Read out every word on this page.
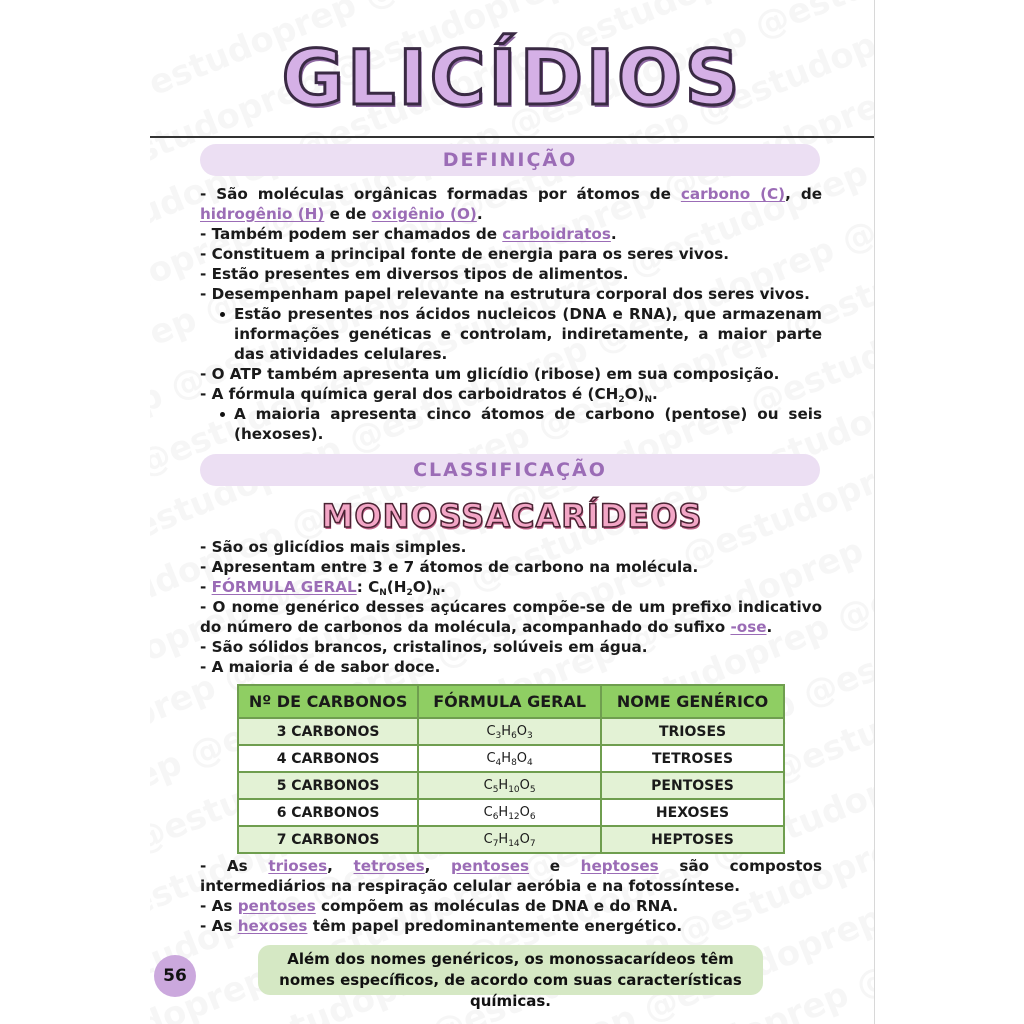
GLICÍDIOS
DEFINIÇÃO

- São moléculas orgânicas formadas por átomos de carbono (C), de hidrogênio (H) e de oxigênio (O).

- Também podem ser chamados de carboidratos.

- Constituem a principal fonte de energia para os seres vivos.

- Estão presentes em diversos tipos de alimentos.

- Desempenham papel relevante na estrutura corporal dos seres vivos.

Estão presentes nos ácidos nucleicos (DNA e RNA), que armazenam informações genéticas e controlam, indiretamente, a maior parte das atividades celulares.

- O ATP também apresenta um glicídio (ribose) em sua composição.

- A fórmula química geral dos carboidratos é $(CH_2O)_N$.

A maioria apresenta cinco átomos de carbono (pentose) ou seis (hexoses).

CLASSIFICAÇÃO
MONOSSACARÍDEOS

- São os glicídios mais simples.

- Apresentam entre 3 e 7 átomos de carbono na molécula.

- FÓRMULA GERAL: $C_N(H_2O)_N$.

- O nome genérico desses açúcares compõe-se de um prefixo indicativo do número de carbonos da molécula, acompanhado do sufixo -ose.

- São sólidos brancos, cristalinos, solúveis em água.

- A maioria é de sabor doce.

Nº DE CARBONOS	FÓRMULA GERAL	NOME GENÉRICO
3 CARBONOS	$C_3H_6O_3$	TRIOSES
4 CARBONOS	$C_4H_8O_4$	TETROSES
5 CARBONOS	$C_5H_{10}O_5$	PENTOSES
6 CARBONOS	$C_6H_{12}O_6$	HEXOSES
7 CARBONOS	$C_7H_{14}O_7$	HEPTOSES

- As trioses, tetroses, pentoses e heptoses são compostos intermediários na respiração celular aeróbia e na fotossíntese.

- As pentoses compõem as moléculas de DNA e do RNA.

- As hexoses têm papel predominantemente energético.

56
Além dos nomes genéricos, os monossacarídeos têm nomes específicos, de acordo com suas características químicas.
